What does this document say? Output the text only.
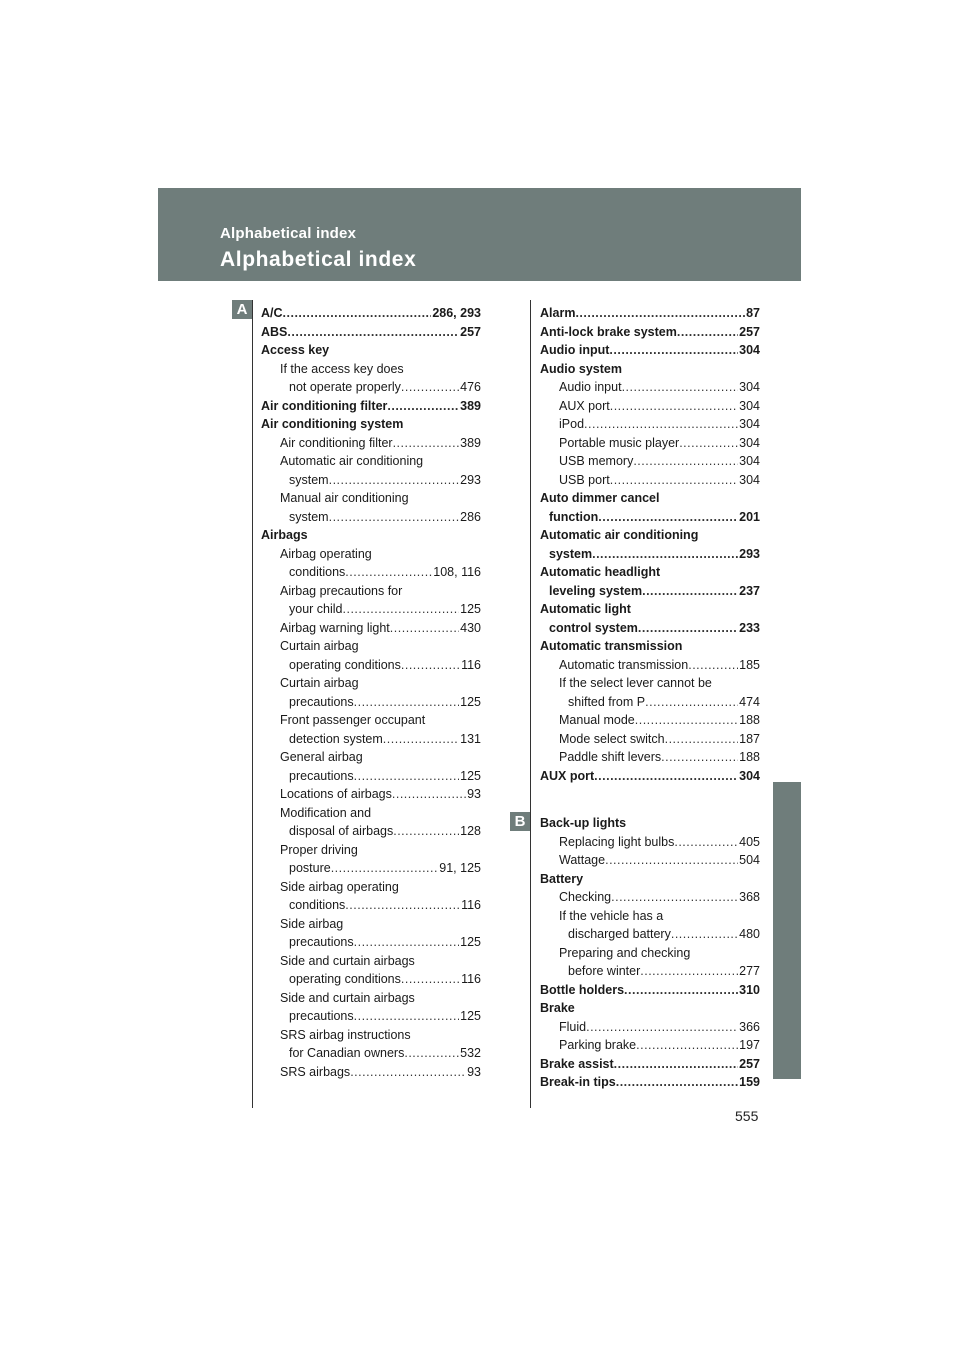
Alphabetical index
Alphabetical index
A
B
A/C .....	286, 293
ABS .....	257
Access key
If the access key does
not operate properly .....	476
Air conditioning filter .....	389
Air conditioning system
Air conditioning filter .....	389
Automatic air conditioning
system .....	293
Manual air conditioning
system .....	286
Airbags
Airbag operating
conditions .....	108, 116
Airbag precautions for
your child .....	125
Airbag warning light .....	430
Curtain airbag
operating conditions .....	116
Curtain airbag
precautions .....	125
Front passenger occupant
detection system .....	131
General airbag
precautions .....	125
Locations of airbags .....	93
Modification and
disposal of airbags .....	128
Proper driving
posture .....	91, 125
Side airbag operating
conditions .....	116
Side airbag
precautions .....	125
Side and curtain airbags
operating conditions .....	116
Side and curtain airbags
precautions .....	125
SRS airbag instructions
for Canadian owners .....	532
SRS airbags .....	93
Alarm .....	87
Anti-lock brake system .....	257
Audio input .....	304
Audio system
Audio input .....	304
AUX port .....	304
iPod .....	304
Portable music player .....	304
USB memory .....	304
USB port .....	304
Auto dimmer cancel
function .....	201
Automatic air conditioning
system .....	293
Automatic headlight
leveling system .....	237
Automatic light
control system .....	233
Automatic transmission
Automatic transmission .....	185
If the select lever cannot be
shifted from P .....	474
Manual mode .....	188
Mode select switch .....	187
Paddle shift levers .....	188
AUX port .....	304
Back-up lights
Replacing light bulbs .....	405
Wattage .....	504
Battery
Checking .....	368
If the vehicle has a
discharged battery .....	480
Preparing and checking
before winter .....	277
Bottle holders .....	310
Brake
Fluid .....	366
Parking brake .....	197
Brake assist .....	257
Break-in tips .....	159
555
